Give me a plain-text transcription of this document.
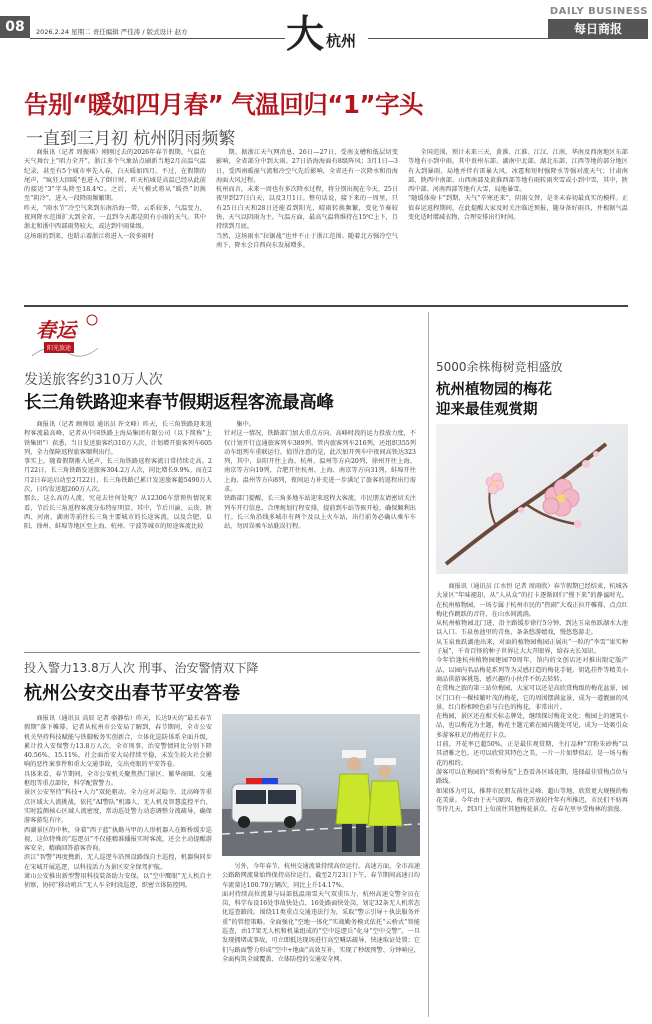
08	2026.2.24 星期二 责任编辑 严佳涛 / 版式设计 赵方	大 杭州
DAILY BUSINESS
每日商报
告别“暖如四月春” 气温回归“1”字头
一直到三月初 杭州阴雨频繁

商报讯（记者 周振琪）刚刚过去的2026年春节假期，气温在天气舞台上“唱力全开”。浙江多个气象站点刷新当地2月高温气温纪录，甚至有5个城市率先入春，白天暖如四月。不过，在假期的尾声，“疯狂大回暖”也进入了倒计时，昨天杭城是高温已经从此前的接近“3”字头降至18.4℃。之后，天气模式将从“暖热”切换至“阴冷”，进入一段降雨频繁期。
昨天，“雨水节”冷空气来到东南沿海一带，云系较多，气温变力，夜间降水范围扩大到全省，一直到今天都是阴有小雨的天气。其中浙北和浙中西部雨势较大，或达到中雨量级。
这场雨的到来，也昭示着浙江将进入一段多雨时

期。据浙江天气网消息，26日—27日，受南支槽和低层切变影响，全省部分中到大雨。27日沿海海面有8级阵风；3月1日—3日，受西南暖湿气流和冷空气先后影响，全省还有一次降水和沿海海面大风过程。
杭州而言，未来一周也有多次降水过程，将分别出现在今天、25日夜里到27日白天，以及3月1日。整句话说，接下来的一周里，只有25日白天和28日还能看到阳光，晴雨转换频繁，变化节奏较快，天气以阴雨为主。气温方面，最高气温将维持在15℃上下，且持续到月底。
当然，这场雨水“拉锯战”也并不止于浙江范围。随着北方强冷空气南下，降水会自西向东发展增多。

全国范围，预计未来三天，黄淮、江淮、江汉、江南、华南及西南地区东部等地有小到中雨，其中贵州东部、湖南中北部、湖北东部、江西等地的部分地区有大到暴雨，局地并伴有雷暴大风、冰雹和短时强降水等强对流天气；甘肃南部、陕西中南部、山西南部及黄淮西部等地有雨转雨夹雪或小到中雪，其中，陕西中部、河南西部等地有大雪，局地暴雪。
“随缓体验卡”到期，天气“辛寒还来”，阴雨交替，是冬末春初最真实的模样。正值春运返程期间，在此提醒大家及时关注临近预报，随身备好雨具，并根据气温变化适时增减衣物，合理安排出行时间。

春运
阳光旅途
发送旅客约310万人次
长三角铁路迎来春节假期返程客流最高峰

商报讯（记者 顾帅辰 通讯员 许文峰）昨天，长三角铁路迎来返程客流最高峰，记者从中国铁路上海局集团有限公司（以下简称“上铁集团”）获悉，当日发送旅客约310万人次，计划增开旅客列车605列，全力保障返程旅客顺利出行。
事实上，随着假期渐入尾声，长三角铁路返程客流日常持续走高。2月22日，长三角铁路发送旅客304.2万人次，同比增长9.9%。而在2月2日春运启动至2月22日，长三角铁路已累计发送旅客超5490万人次，日均发送超260万人次。
那么，这么高的人流，究竟去往何处呢？从12306车票预售情况来看，节后长三角返程客流分布特征明显。其中，节后川渝、云贵、陕西、河南、湖南等前往长三角主要城市的长途客流，以及合肥、阜阳、徐州、蚌埠等地区至上海、杭州、宁波等城市的短途客流比较

集中。
针对这一情况，铁路部门加大重点方向、高峰时段的运力投放力度，不仅计划开行直通旅客列车389列、管内旅客列车216列，还组织355列动车组列车重联运行。值得注意的是，此次加开列车中夜间高铁达323列，其中，阜阳开往上海、杭州、温州等方向20列，徐州开往上海、南京等方向19列，合肥开往杭州、上海、南京等方向31列，蚌埠开往上海、温州等方向8列，夜间运力补充进一步满足了旅客的返程出行需求。
铁路部门提醒，长三角多地车站迎来返程大客流，市民朋友请密切关注列车开行信息，合理规划行程安排，提前到车站等候开检，确保顺利出行。长三角沿线多城市有两个及以上火车站，出行前务必确认乘车车站，勿因误乘车站耽误行程。

5000余株梅树竞相盛放
杭州植物园的梅花
迎来最佳观赏期

商报讯（通讯员 江水恒 记者 周雨欣）春节假期已经结束，杭城各大景区“年味褪却，从“人从众”的打卡逐渐回归“慢下来”的静谧时光。在杭州植物园，一场专属于杭州市民的“热闹”大戏正拉开帷幕，点点红梅化作跳跃的音符，在山水间流淌。
从杭州植物园北门进，沿主路缓步徐行5分钟，到达玉泉鱼跃湖水大池以入口。玉泉鱼池里的青鱼，条条悠游嬉戏，慢悠悠游走。
从玉泉鱼跃湖池出来，对面的植物园梅园正展出“一粒的”李雪“果实种子展”，千奇百怪的种子世界让大大开眼界，给春天长知识。
今年恰逢杭州植物园建园70周年，馆内的文创店还对推出限定版产品，以园内名品梅花系列等为灵感打造的梅花手链、钥匙挂件等精美小商品供游客挑选，感兴趣的小伙伴不妨去转转。
在赏梅之旅的第三站位梅园，大家可以还是高欣赏梅级的梅花盆景，园区门口有一棵枝繁叶茂的梅花，它的周围摆满盆景，成为一道靓丽的风景，红白粉相映色彩与白色的梅花，非常出片。
在梅园，景区还在相关标志牌处，继续探讨梅花文化；梅园上的建筑小品，也以梅花为主题，梅花主题元素在园内随处可见，成为一处吸引众多游客驻足的梅花打卡点。
目前，开花率已超50%，正是最佳观赏期，主打品种“宫粉朱砂梅”以其清雅之色，还可以欣赏其特色之美，一片一片如梦似幻，是一场与梅花的相约。
游客可以在梅园的“赏梅导览”上查看各区域花期，选择最佳赏梅点位与路线。
如果体力可以，推荐市民朋友前往灵峰、超山等地，欣赏更大规模的梅花美景。今年由于天气原因，梅花开放较往年有所推迟，市民们不妨再等待几天，到3月上旬前往其他梅花景点，在春光里享受梅林的浪漫。

投入警力13.8万人次 刑事、治安警情双下降
杭州公安交出春节平安答卷

商报讯（通讯员 高辰 记者 骆静怡）昨天，长达9天的“最长春节假期”落下帷幕。记者从杭州市公安局了解到，春节期间，全市公安机关坚持科技赋能与铁脚板务实创新合，立体化巡防体系全面升级，累计投入安保警力13.8万人次，全市刑事、治安警情同比分别下降40.56%、15.11%，社会面治安大局持续平稳，未发生较大社会影响的恶性案事件和重大交通事故，交出亮眼的平安答卷。
具体来看，春节期间，全市公安机关聚焦热门景区、繁华商圈、交通枢纽等重点部位，科学配置警力。
景区公安坚持“科技+人力”双轮驱动，全力应对灵隐寺、北高峰等重点区域大人流挑战，依托“AI警队”机器人、无人机及智慧监控平台，实时监测核心区域人流密度，常动巡处警力动态调整分流疏导，确保游客游览有序。
西湖景区的中秋，身着“西子蓝”执勤马甲的人形机器人在断桥缓步巡视，这位特殊的“巡逻员”不仅能精准播报实时客流，还会主动提醒游客安全，精确回答游客咨询。
滨江“智警”再度携新，无人巡逻车沿预设路线自主巡控，机器狗同步在宋城开展巡逻，以科技活力为景区安全保驾护航。
萧山公安推出新型警用科技装备助力安保，以“空中鹰眼”无人机自主侦察，协同“移动哨兵”无人车全时段巡逻，织密立体防控网。

另外，今年春节，杭州交通流量持续高位运行。高速方面，全市高速公路路网流量始终保持高位运行。截至2月23日下午，春节期间高速日均车流量达100.79万辆次，同比上升14.17%。
面对持续高位流量与局部低温雨雪天气双重压力，杭州高速交警全员在岗，科学布设16处事故快处点、16处路面快处岗，划定32条无人机常态化巡查路段。围绕11类重点交通违法行为，采取“警示引导＋执法服务并重”的管控策略。全面强化“空地一体化”实战勤务模式依托“云桥式”智能巡查，由17架无人机和机巢组成的“空中巡逻兵”化身“空中交警”，一旦发现拥堵或事故，可立即抵达现场进行高空喊话疏导、快速取证处置；它们与路面警力形成“空中+地面”高效互补，实现了秒级预警、分钟响应，全面构筑全域覆盖、立体防控的交通安全网。
